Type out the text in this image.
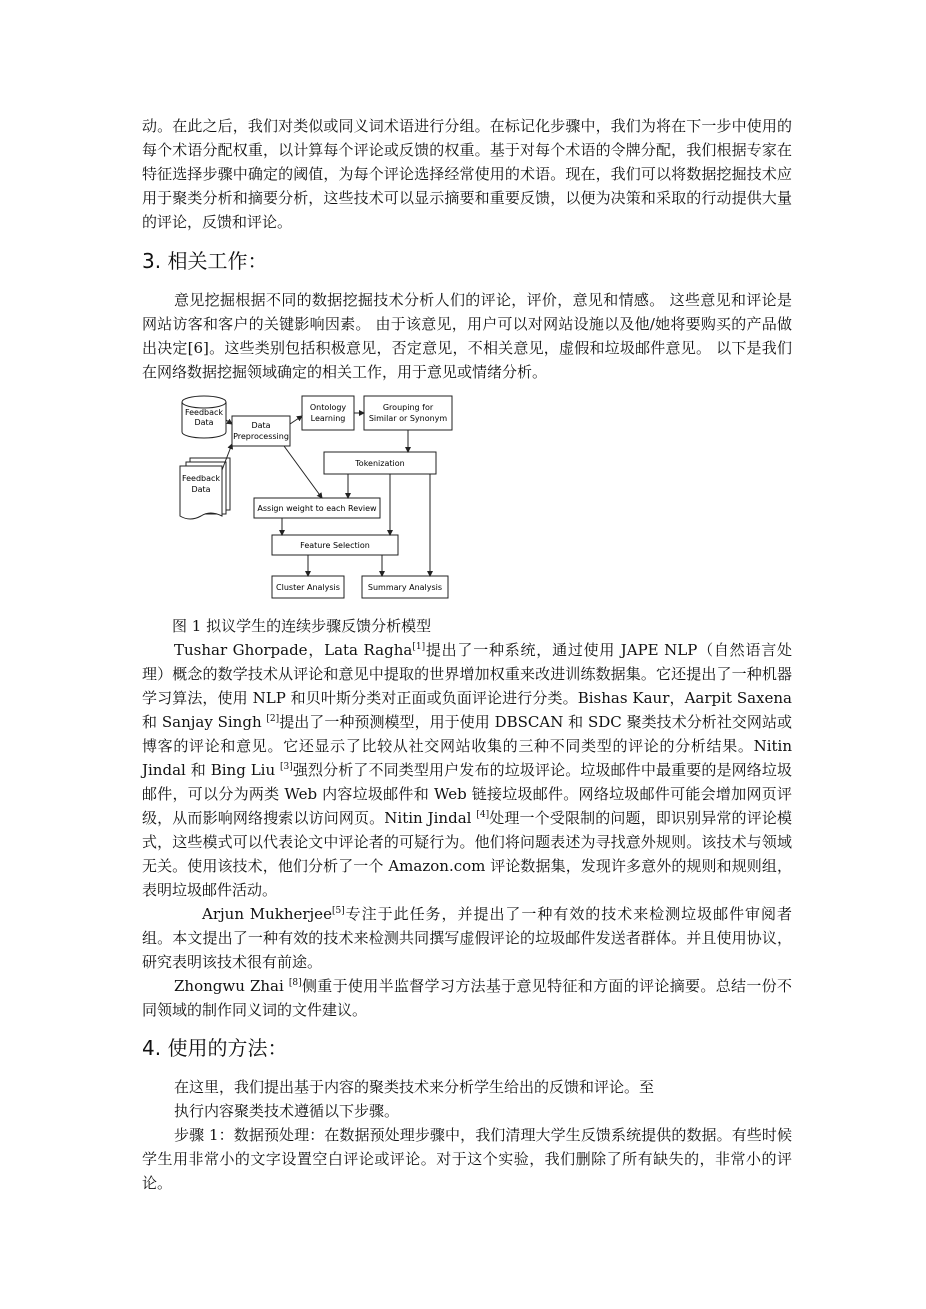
动。在此之后，我们对类似或同义词术语进行分组。在标记化步骤中，我们为将在下一步中使用的每个术语分配权重，以计算每个评论或反馈的权重。基于对每个术语的令牌分配，我们根据专家在特征选择步骤中确定的阈值，为每个评论选择经常使用的术语。现在，我们可以将数据挖掘技术应用于聚类分析和摘要分析，这些技术可以显示摘要和重要反馈，以便为决策和采取的行动提供大量的评论，反馈和评论。

3. 相关工作：

意见挖掘根据不同的数据挖掘技术分析人们的评论，评价，意见和情感。 这些意见和评论是网站访客和客户的关键影响因素。 由于该意见，用户可以对网站设施以及他/她将要购买的产品做出决定[6]。这些类别包括积极意见，否定意见，不相关意见，虚假和垃圾邮件意见。 以下是我们在网络数据挖掘领域确定的相关工作，用于意见或情绪分析。

Feedback
Data
Feedback
Data
Data
Preprocessing
Ontology
Learning
Grouping for
Similar or Synonym
Tokenization
Assign weight to each Review
Feature Selection
Cluster Analysis	Summary Analysis

图 1 拟议学生的连续步骤反馈分析模型

Tushar Ghorpade，Lata Ragha[1]提出了一种系统，通过使用 JAPE NLP（自然语言处理）概念的数学技术从评论和意见中提取的世界增加权重来改进训练数据集。它还提出了一种机器学习算法，使用 NLP 和贝叶斯分类对正面或负面评论进行分类。Bishas Kaur，Aarpit Saxena 和 Sanjay Singh [2]提出了一种预测模型，用于使用 DBSCAN 和 SDC 聚类技术分析社交网站或博客的评论和意见。它还显示了比较从社交网站收集的三种不同类型的评论的分析结果。Nitin Jindal 和 Bing Liu [3]强烈分析了不同类型用户发布的垃圾评论。垃圾邮件中最重要的是网络垃圾邮件，可以分为两类 Web 内容垃圾邮件和 Web 链接垃圾邮件。网络垃圾邮件可能会增加网页评级，从而影响网络搜索以访问网页。Nitin Jindal [4]处理一个受限制的问题，即识别异常的评论模式，这些模式可以代表论文中评论者的可疑行为。他们将问题表述为寻找意外规则。该技术与领域无关。使用该技术，他们分析了一个 Amazon.com 评论数据集，发现许多意外的规则和规则组，表明垃圾邮件活动。

Arjun Mukherjee[5]专注于此任务，并提出了一种有效的技术来检测垃圾邮件审阅者组。本文提出了一种有效的技术来检测共同撰写虚假评论的垃圾邮件发送者群体。并且使用协议，研究表明该技术很有前途。

Zhongwu Zhai [8]侧重于使用半监督学习方法基于意见特征和方面的评论摘要。总结一份不同领域的制作同义词的文件建议。

4. 使用的方法：

在这里，我们提出基于内容的聚类技术来分析学生给出的反馈和评论。至

执行内容聚类技术遵循以下步骤。

步骤 1：数据预处理：在数据预处理步骤中，我们清理大学生反馈系统提供的数据。有些时候学生用非常小的文字设置空白评论或评论。对于这个实验，我们删除了所有缺失的，非常小的评论。
